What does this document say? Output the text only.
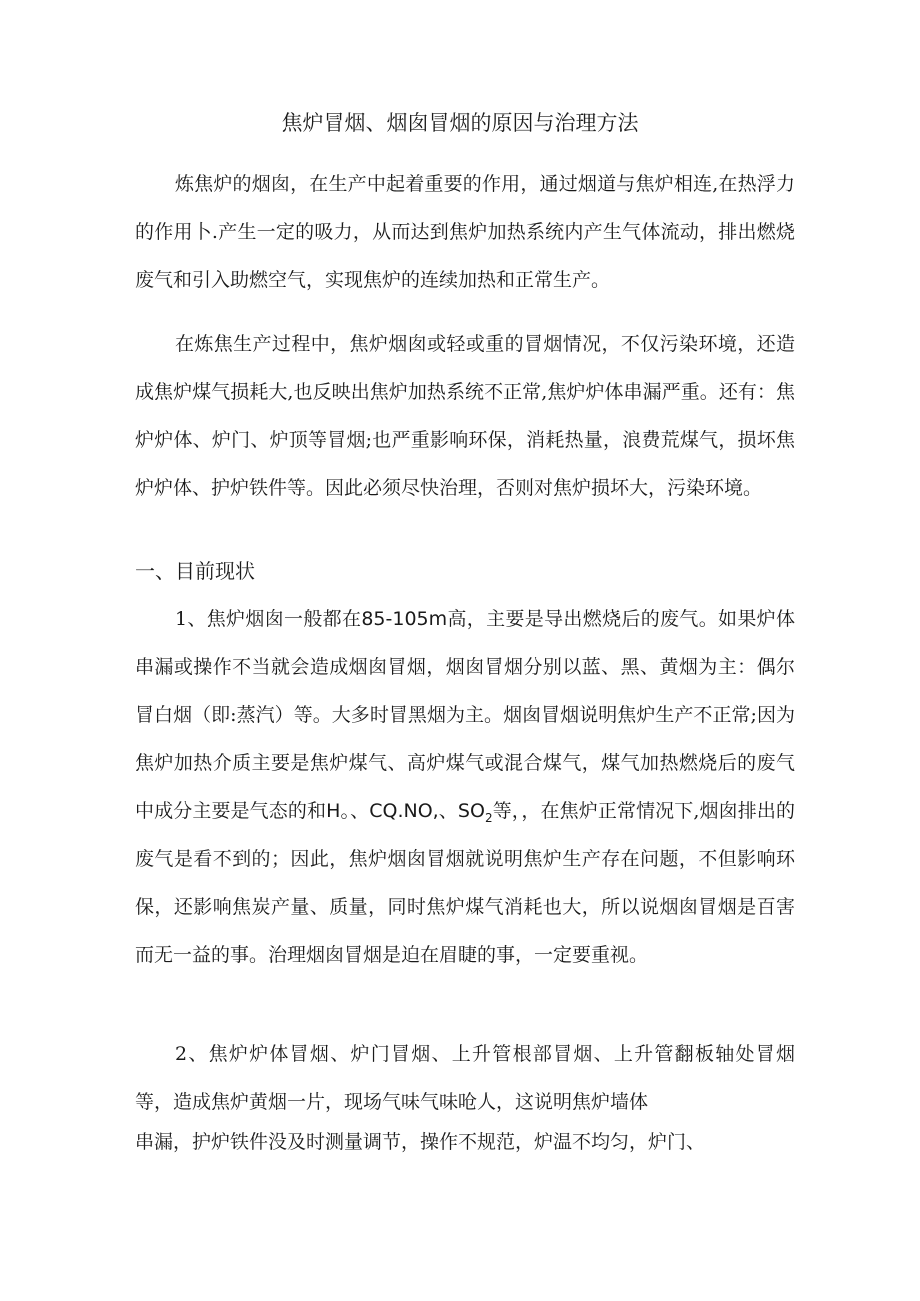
焦炉冒烟、烟囱冒烟的原因与治理方法

炼焦炉的烟囱，在生产中起着重要的作用，通过烟道与焦炉相连,在热浮力的作用卜.产生一定的吸力，从而达到焦炉加热系统内产生气体流动，排出燃烧废气和引入助燃空气，实现焦炉的连续加热和正常生产。

在炼焦生产过程中，焦炉烟囱或轻或重的冒烟情况，不仅污染环境，还造成焦炉煤气损耗大,也反映出焦炉加热系统不正常,焦炉炉体串漏严重。还有：焦炉炉体、炉门、炉顶等冒烟;也严重影响环保，消耗热量，浪费荒煤气，损坏焦炉炉体、护炉铁件等。因此必须尽快治理，否则对焦炉损坏大，污染环境。

一、目前现状

1、焦炉烟囱一般都在85-105m高，主要是导出燃烧后的废气。如果炉体串漏或操作不当就会造成烟囱冒烟，烟囱冒烟分别以蓝、黑、黄烟为主：偶尔冒白烟（即:蒸汽）等。大多时冒黑烟为主。烟囱冒烟说明焦炉生产不正常;因为焦炉加热介质主要是焦炉煤气、高炉煤气或混合煤气，煤气加热燃烧后的废气中成分主要是气态的和H。、CQ.NO,、$SO_2$等，，在焦炉正常情况下,烟囱排出的废气是看不到的；因此，焦炉烟囱冒烟就说明焦炉生产存在问题，不但影响环保，还影响焦炭产量、质量，同时焦炉煤气消耗也大，所以说烟囱冒烟是百害而无一益的事。治理烟囱冒烟是迫在眉睫的事，一定要重视。

2、焦炉炉体冒烟、炉门冒烟、上升管根部冒烟、上升管翻板轴处冒烟等，造成焦炉黄烟一片，现场气味气味呛人，这说明焦炉墙体

串漏，护炉铁件没及时测量调节，操作不规范，炉温不均匀，炉门、
